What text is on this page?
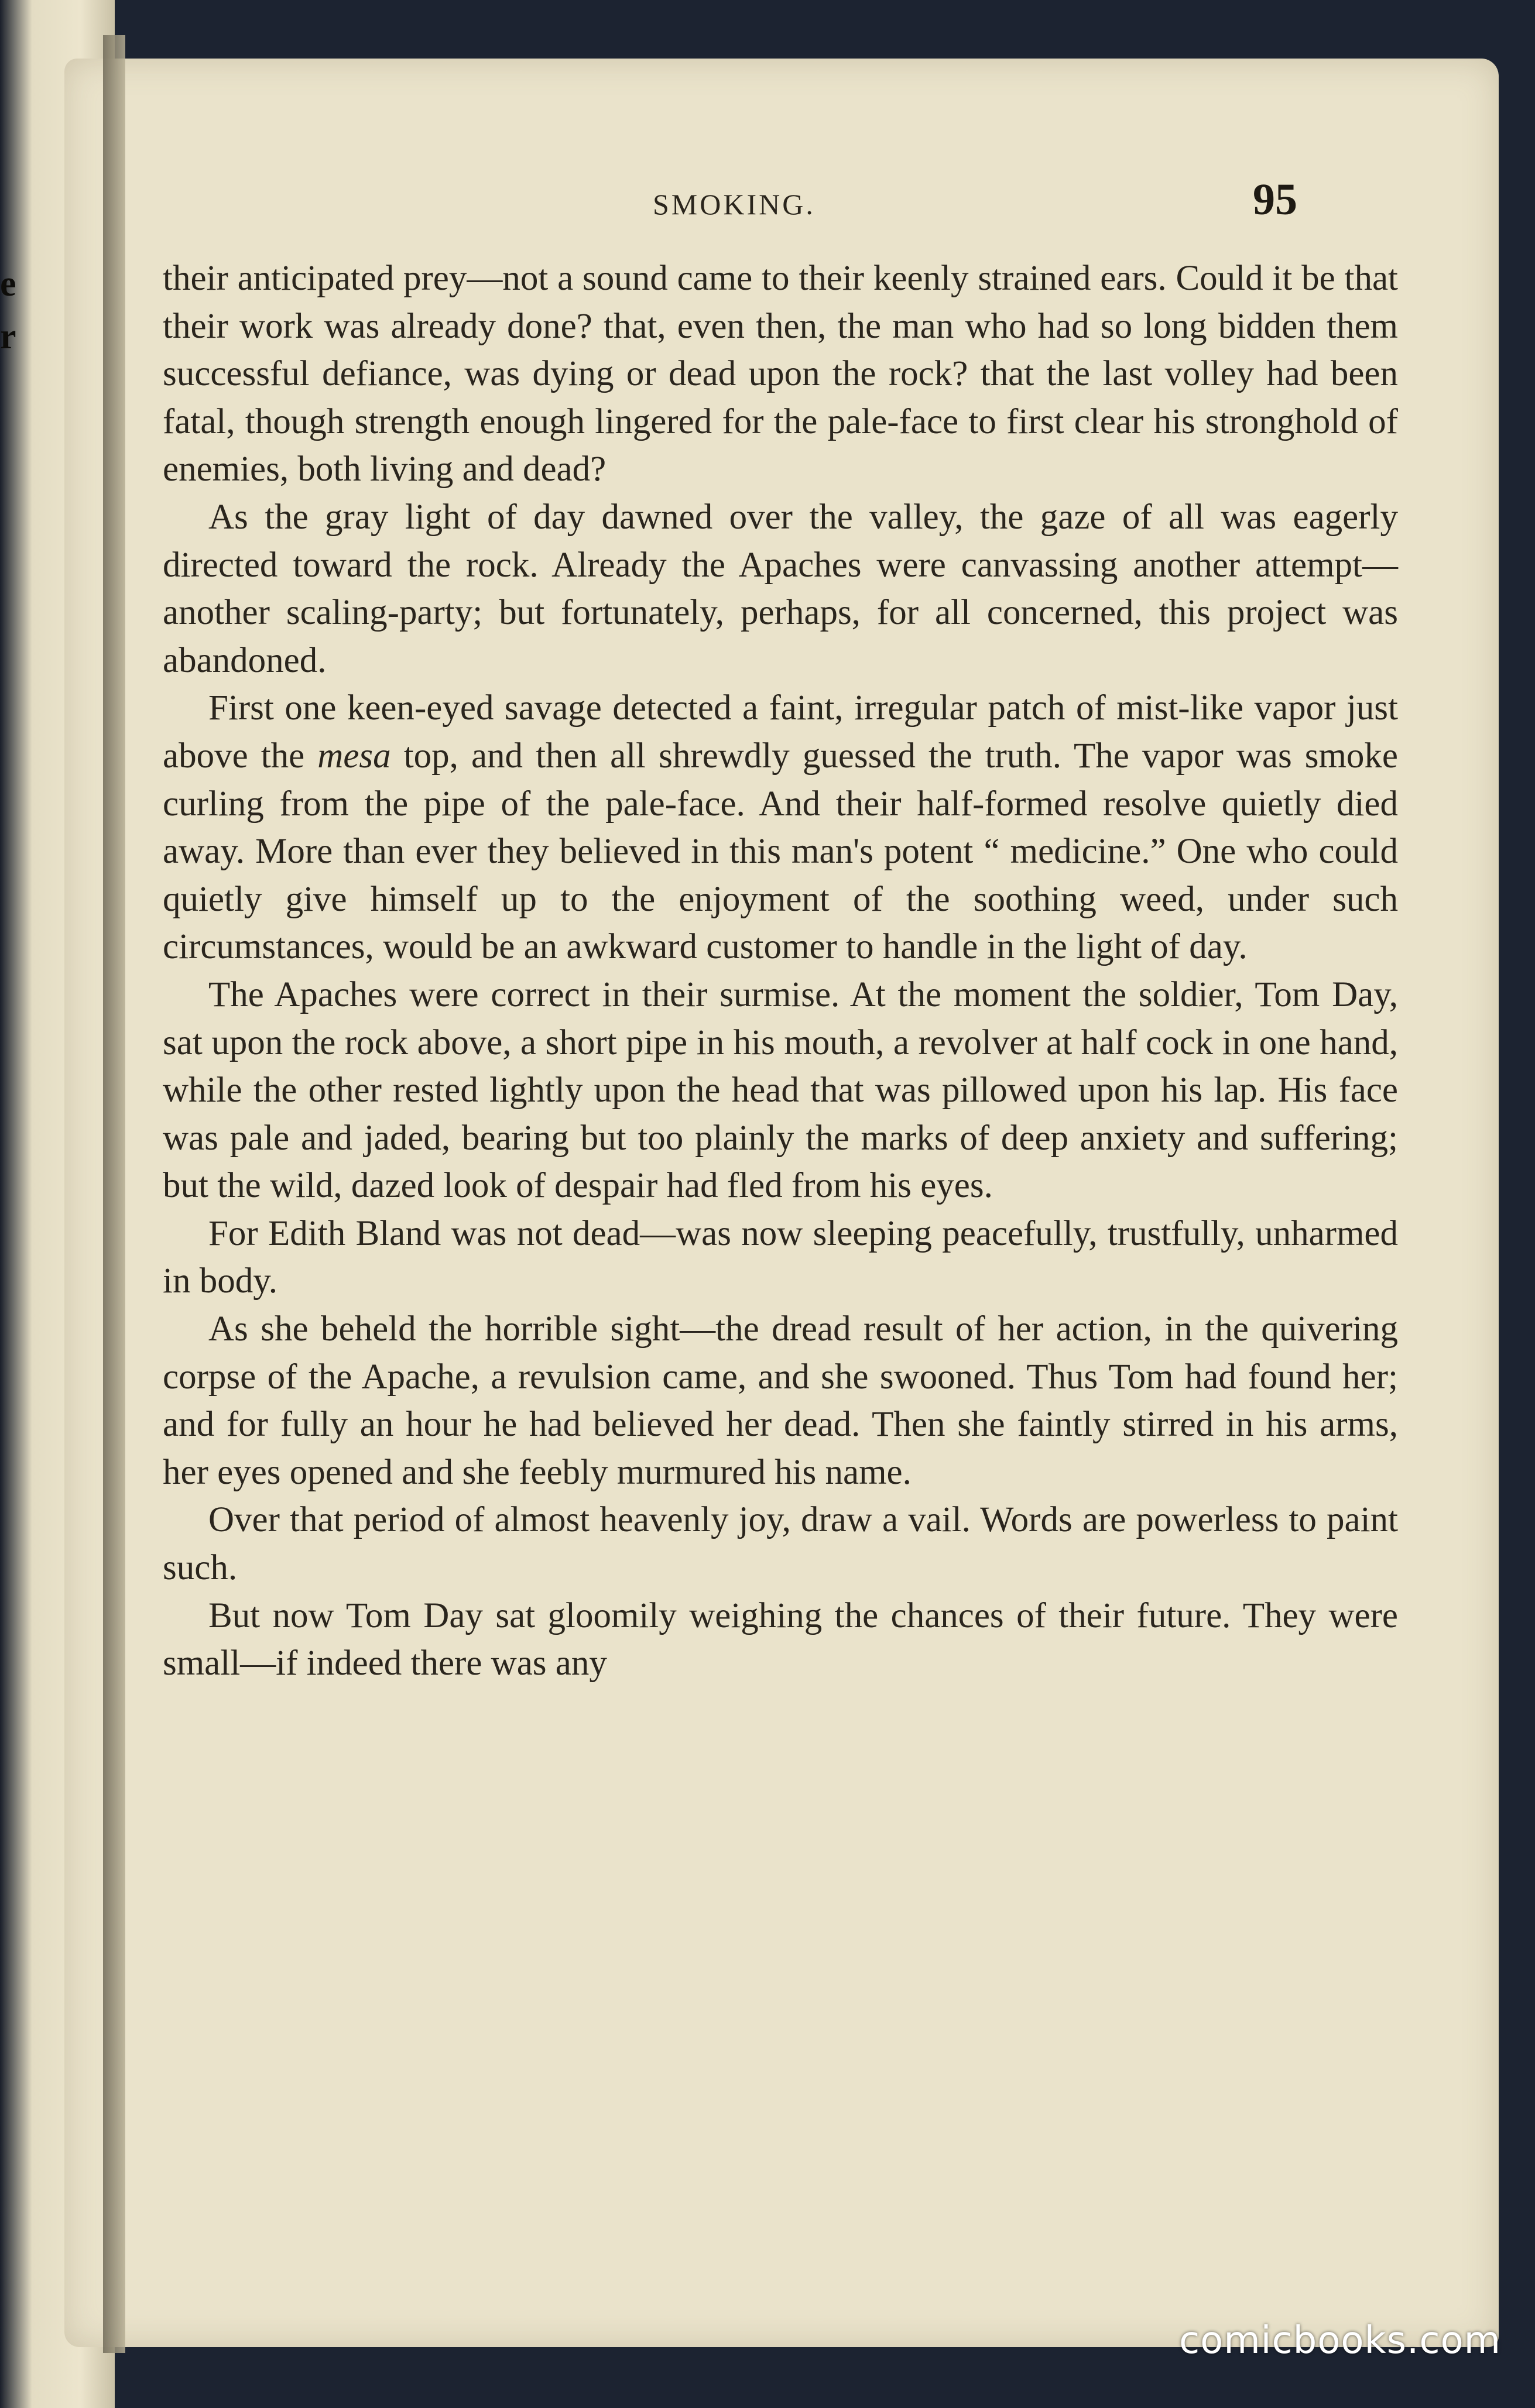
e
r
SMOKING.	95

their anticipated prey—not a sound came to their keenly strained ears. Could it be that their work was already done? that, even then, the man who had so long bidden them successful defiance, was dying or dead upon the rock? that the last volley had been fatal, though strength enough lingered for the pale-face to first clear his stronghold of enemies, both living and dead?

As the gray light of day dawned over the valley, the gaze of all was eagerly directed toward the rock. Already the Apaches were canvassing another attempt—another scaling-party; but fortunately, perhaps, for all concerned, this project was abandoned.

First one keen-eyed savage detected a faint, irregular patch of mist-like vapor just above the mesa top, and then all shrewdly guessed the truth. The vapor was smoke curling from the pipe of the pale-face. And their half-formed resolve quietly died away. More than ever they believed in this man's potent “ medicine.” One who could quietly give himself up to the enjoyment of the soothing weed, under such circumstances, would be an awkward customer to handle in the light of day.

The Apaches were correct in their surmise. At the moment the soldier, Tom Day, sat upon the rock above, a short pipe in his mouth, a revolver at half cock in one hand, while the other rested lightly upon the head that was pillowed upon his lap. His face was pale and jaded, bearing but too plainly the marks of deep anxiety and suffering; but the wild, dazed look of despair had fled from his eyes.

For Edith Bland was not dead—was now sleeping peacefully, trustfully, unharmed in body.

As she beheld the horrible sight—the dread result of her action, in the quivering corpse of the Apache, a revulsion came, and she swooned. Thus Tom had found her; and for fully an hour he had believed her dead. Then she faintly stirred in his arms, her eyes opened and she feebly murmured his name.

Over that period of almost heavenly joy, draw a vail. Words are powerless to paint such.

But now Tom Day sat gloomily weighing the chances of their future. They were small—if indeed there was any

comicbooks.com
